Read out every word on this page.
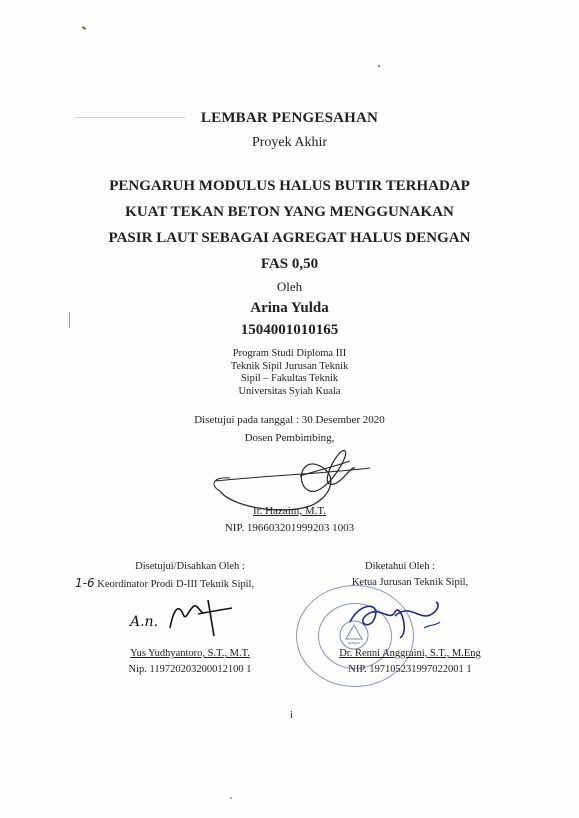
LEMBAR PENGESAHAN
Proyek Akhir
PENGARUH MODULUS HALUS BUTIR TERHADAP
KUAT TEKAN BETON YANG MENGGUNAKAN
PASIR LAUT SEBAGAI AGREGAT HALUS DENGAN
FAS 0,50
Oleh
Arina Yulda
1504001010165
Program Studi Diploma III
Teknik Sipil Jurusan Teknik
Sipil – Fakultas Teknik
Universitas Syiah Kuala
Disetujui pada tanggal : 30 Desember 2020
Dosen Pembimbing,
Ir. Hazaim, M.T.
NIP. 196603201999203 1003
Disetujui/Disahkan Oleh :
1-6 Keordinator Prodi D-III Teknik Sipil,
A.n.
Yus Yudhyantoro, S.T., M.T.
Nip. 119720203200012100 1
Diketahui Oleh :
Ketua Jurusan Teknik Sipil,
Dr. Renni Anggraini, S.T., M.Eng
NIP. 197105231997022001 1
i
